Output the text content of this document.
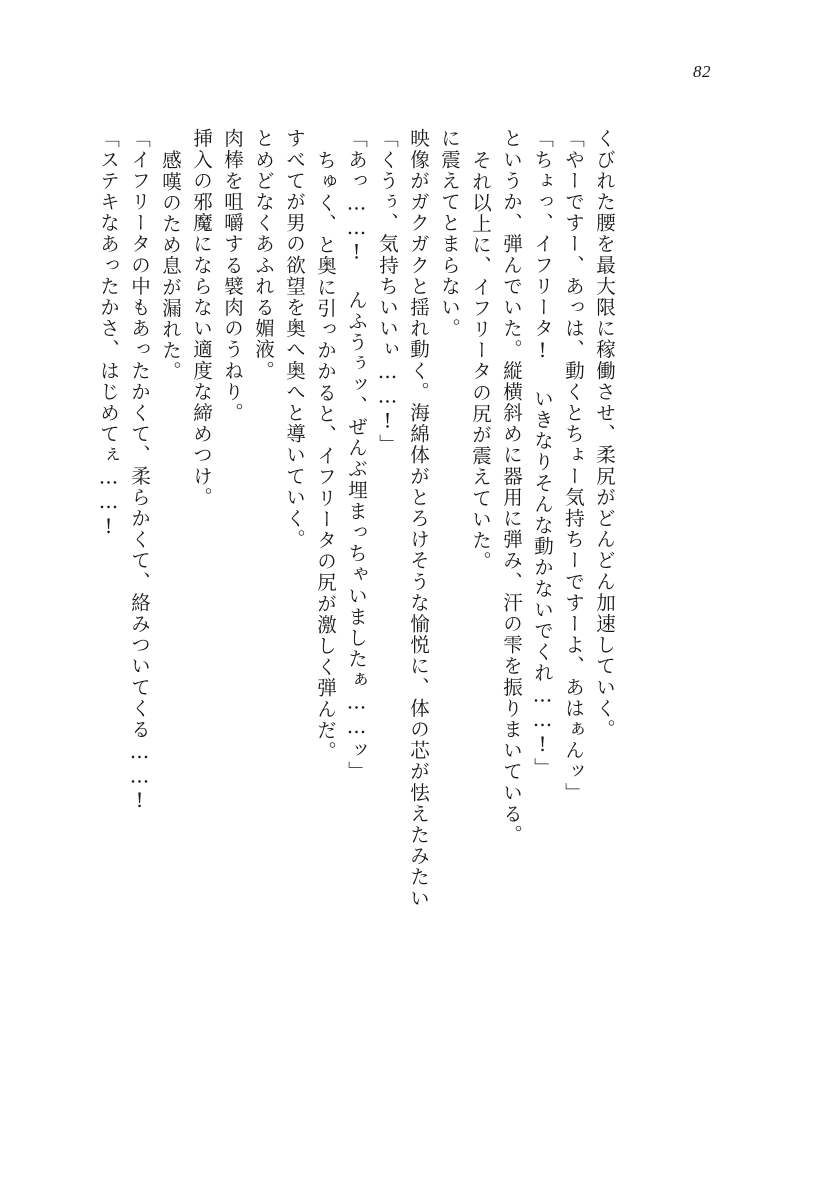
82
「ステキなあったかさ、はじめてぇ……! 「イフリータの中もあったかくて、柔らかくて、絡みついてくる……! 感嘆のため息が漏れた。 挿入の邪魔にならない適度な締めつけ。 肉棒を咀嚼する襞肉のうねり。 とめどなくあふれる媚液。 すべてが男の欲望を奥へ奥へと導いていく。 ちゅく、と奥に引っかかると、イフリータの尻が激しく弾んだ。 「あっ……! んふうぅッ、ぜんぶ埋まっちゃいましたぁ……ッ」 「くうぅ、気持ちいいぃ……!」 映像がガクガクと揺れ動く。海綿体がとろけそうな愉悦に、体の芯が怯えたみたい に震えてとまらない。 それ以上に、イフリータの尻が震えていた。 というか、弾んでいた。縦横斜めに器用に弾み、汗の雫を振りまいている。 「ちょっ、イフリータ! いきなりそんな動かないでくれ……!」 「やーですー、あっは、動くとちょー気持ちーですーよ、あはぁんッ」 くびれた腰を最大限に稼働させ、柔尻がどんどん加速していく。
